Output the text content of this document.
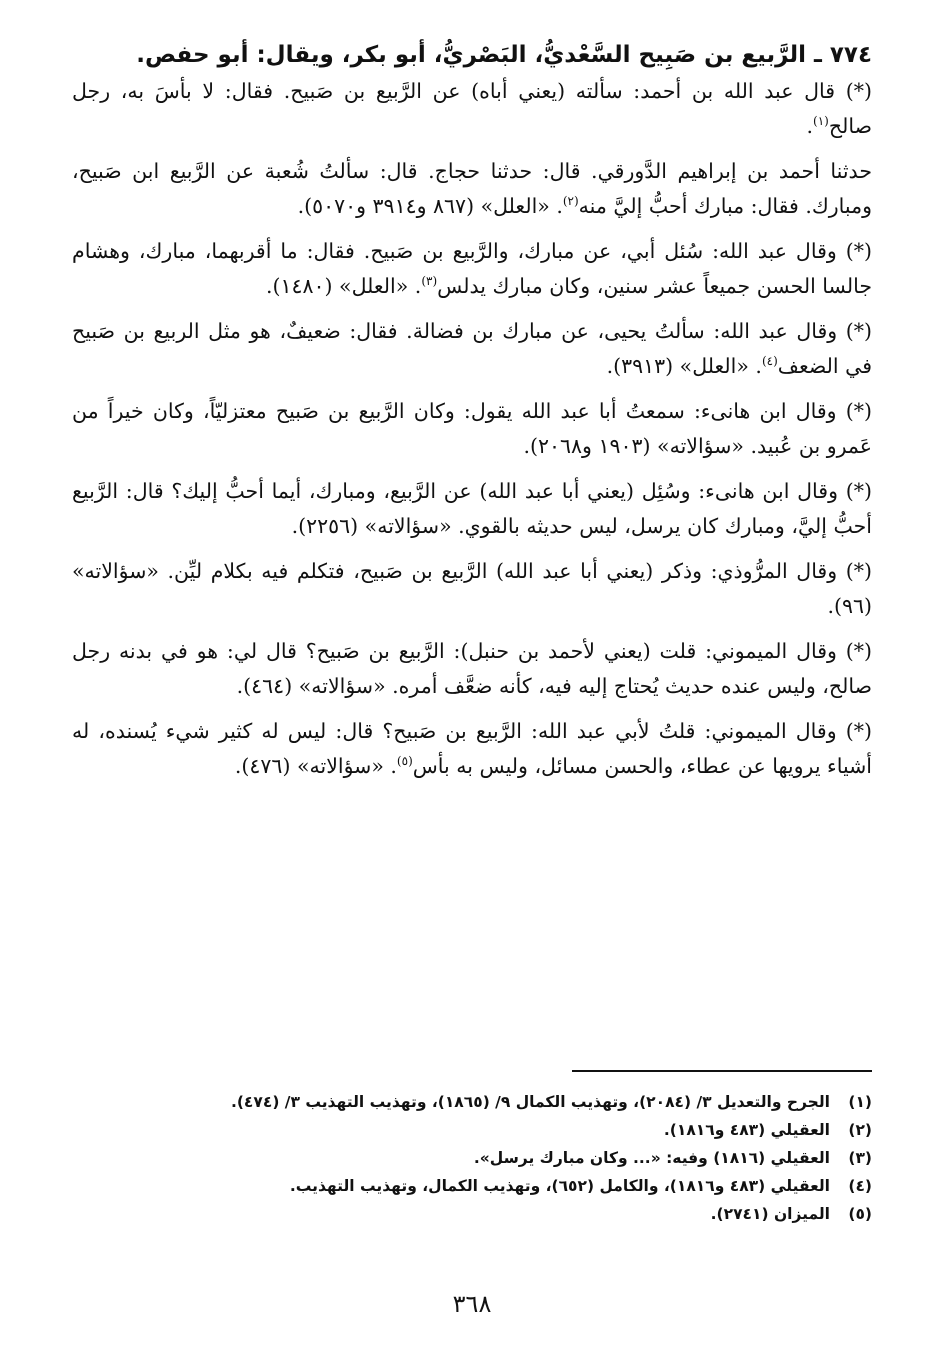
٧٧٤ ـ الرَّبيع بن صَبِيح السَّعْديُّ، البَصْريُّ، أبو بكر، ويقال: أبو حفص.

(*) قال عبد الله بن أحمد: سألته (يعني أباه) عن الرَّبيع بن صَبيح. فقال: لا بأسَ به، رجل صالح$^{(١)}$.

حدثنا أحمد بن إبراهيم الدَّورقي. قال: حدثنا حجاج. قال: سألتُ شُعبة عن الرَّبيع ابن صَبيح، ومبارك. فقال: مبارك أحبُّ إليَّ منه$^{(٢)}$. «العلل» (٨٦٧ و٣٩١٤ و٥٠٧٠).

(*) وقال عبد الله: سُئل أبي، عن مبارك، والرَّبيع بن صَبيح. فقال: ما أقربهما، مبارك، وهشام جالسا الحسن جميعاً عشر سنين، وكان مبارك يدلس$^{(٣)}$. «العلل» (١٤٨٠).

(*) وقال عبد الله: سألتُ يحيى، عن مبارك بن فضالة. فقال: ضعيفٌ، هو مثل الربيع بن صَبيح في الضعف$^{(٤)}$. «العلل» (٣٩١٣).

(*) وقال ابن هانىء: سمعتُ أبا عبد الله يقول: وكان الرَّبيع بن صَبيح معتزليّاً، وكان خيراً من عَمرو بن عُبيد. «سؤالاته» (١٩٠٣ و٢٠٦٨).

(*) وقال ابن هانىء: وسُئِل (يعني أبا عبد الله) عن الرَّبيع، ومبارك، أيما أحبُّ إليك؟ قال: الرَّبيع أحبُّ إليَّ، ومبارك كان يرسل، ليس حديثه بالقوي. «سؤالاته» (٢٢٥٦).

(*) وقال المرُّوذي: وذكر (يعني أبا عبد الله) الرَّبيع بن صَبيح، فتكلم فيه بكلام ليِّن. «سؤالاته» (٩٦).

(*) وقال الميموني: قلت (يعني لأحمد بن حنبل): الرَّبيع بن صَبيح؟ قال لي: هو في بدنه رجل صالح، وليس عنده حديث يُحتاج إليه فيه، كأنه ضعَّف أمره. «سؤالاته» (٤٦٤).

(*) وقال الميموني: قلتُ لأبي عبد الله: الرَّبيع بن صَبيح؟ قال: ليس له كثير شيء يُسنده، له أشياء يرويها عن عطاء، والحسن مسائل، وليس به بأس$^{(٥)}$. «سؤالاته» (٤٧٦).

(١)
الجرح والتعديل ٣/ (٢٠٨٤)، وتهذيب الكمال ٩/ (١٨٦٥)، وتهذيب التهذيب ٣/ (٤٧٤).
(٢)
العقيلي (٤٨٣ و١٨١٦).
(٣)
العقيلي (١٨١٦) وفيه: «... وكان مبارك يرسل».
(٤)
العقيلي (٤٨٣ و١٨١٦)، والكامل (٦٥٢)، وتهذيب الكمال، وتهذيب التهذيب.
(٥)
الميزان (٢٧٤١).
٣٦٨
